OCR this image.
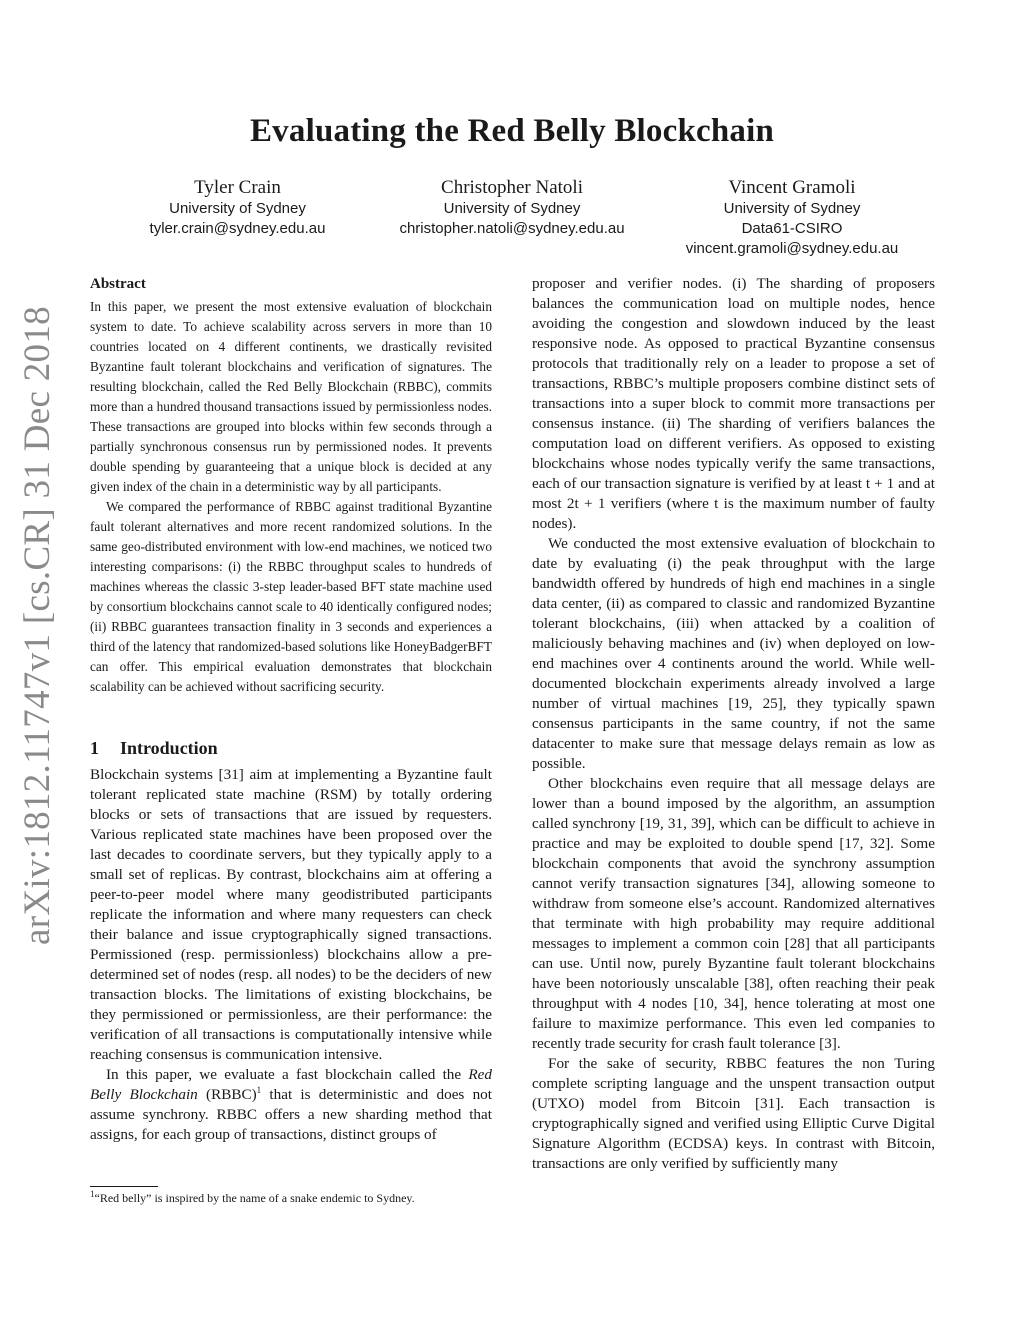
arXiv:1812.11747v1 [cs.CR] 31 Dec 2018
Evaluating the Red Belly Blockchain
Tyler Crain
University of Sydney
tyler.crain@sydney.edu.au
Christopher Natoli
University of Sydney
christopher.natoli@sydney.edu.au
Vincent Gramoli
University of Sydney
Data61-CSIRO
vincent.gramoli@sydney.edu.au
Abstract

In this paper, we present the most extensive evaluation of blockchain system to date. To achieve scalability across servers in more than 10 countries located on 4 different continents, we drastically revisited Byzantine fault tolerant blockchains and verification of signatures. The resulting blockchain, called the Red Belly Blockchain (RBBC), commits more than a hundred thousand transactions issued by permissionless nodes. These transactions are grouped into blocks within few seconds through a partially synchronous consensus run by permissioned nodes. It prevents double spending by guaranteeing that a unique block is decided at any given index of the chain in a deterministic way by all participants.

We compared the performance of RBBC against traditional Byzantine fault tolerant alternatives and more recent randomized solutions. In the same geo-distributed environment with low-end machines, we noticed two interesting comparisons: (i) the RBBC throughput scales to hundreds of machines whereas the classic 3-step leader-based BFT state machine used by consortium blockchains cannot scale to 40 identically configured nodes; (ii) RBBC guarantees transaction finality in 3 seconds and experiences a third of the latency that randomized-based solutions like HoneyBadgerBFT can offer. This empirical evaluation demonstrates that blockchain scalability can be achieved without sacrificing security.

1 Introduction

Blockchain systems [31] aim at implementing a Byzantine fault tolerant replicated state machine (RSM) by totally ordering blocks or sets of transactions that are issued by requesters. Various replicated state machines have been proposed over the last decades to coordinate servers, but they typically apply to a small set of replicas. By contrast, blockchains aim at offering a peer-to-peer model where many geodistributed participants replicate the information and where many requesters can check their balance and issue cryptographically signed transactions. Permissioned (resp. permissionless) blockchains allow a pre-determined set of nodes (resp. all nodes) to be the deciders of new transaction blocks. The limitations of existing blockchains, be they permissioned or permissionless, are their performance: the verification of all transactions is computationally intensive while reaching consensus is communication intensive.

In this paper, we evaluate a fast blockchain called the Red Belly Blockchain (RBBC)$^1$ that is deterministic and does not assume synchrony. RBBC offers a new sharding method that assigns, for each group of transactions, distinct groups of

proposer and verifier nodes. (i) The sharding of proposers balances the communication load on multiple nodes, hence avoiding the congestion and slowdown induced by the least responsive node. As opposed to practical Byzantine consensus protocols that traditionally rely on a leader to propose a set of transactions, RBBC’s multiple proposers combine distinct sets of transactions into a super block to commit more transactions per consensus instance. (ii) The sharding of verifiers balances the computation load on different verifiers. As opposed to existing blockchains whose nodes typically verify the same transactions, each of our transaction signature is verified by at least t + 1 and at most 2t + 1 verifiers (where t is the maximum number of faulty nodes).

We conducted the most extensive evaluation of blockchain to date by evaluating (i) the peak throughput with the large bandwidth offered by hundreds of high end machines in a single data center, (ii) as compared to classic and randomized Byzantine tolerant blockchains, (iii) when attacked by a coalition of maliciously behaving machines and (iv) when deployed on low-end machines over 4 continents around the world. While well-documented blockchain experiments already involved a large number of virtual machines [19, 25], they typically spawn consensus participants in the same country, if not the same datacenter to make sure that message delays remain as low as possible.

Other blockchains even require that all message delays are lower than a bound imposed by the algorithm, an assumption called synchrony [19, 31, 39], which can be difficult to achieve in practice and may be exploited to double spend [17, 32]. Some blockchain components that avoid the synchrony assumption cannot verify transaction signatures [34], allowing someone to withdraw from someone else’s account. Randomized alternatives that terminate with high probability may require additional messages to implement a common coin [28] that all participants can use. Until now, purely Byzantine fault tolerant blockchains have been notoriously unscalable [38], often reaching their peak throughput with 4 nodes [10, 34], hence tolerating at most one failure to maximize performance. This even led companies to recently trade security for crash fault tolerance [3].

For the sake of security, RBBC features the non Turing complete scripting language and the unspent transaction output (UTXO) model from Bitcoin [31]. Each transaction is cryptographically signed and verified using Elliptic Curve Digital Signature Algorithm (ECDSA) keys. In contrast with Bitcoin, transactions are only verified by sufficiently many

$^1$“Red belly” is inspired by the name of a snake endemic to Sydney.
